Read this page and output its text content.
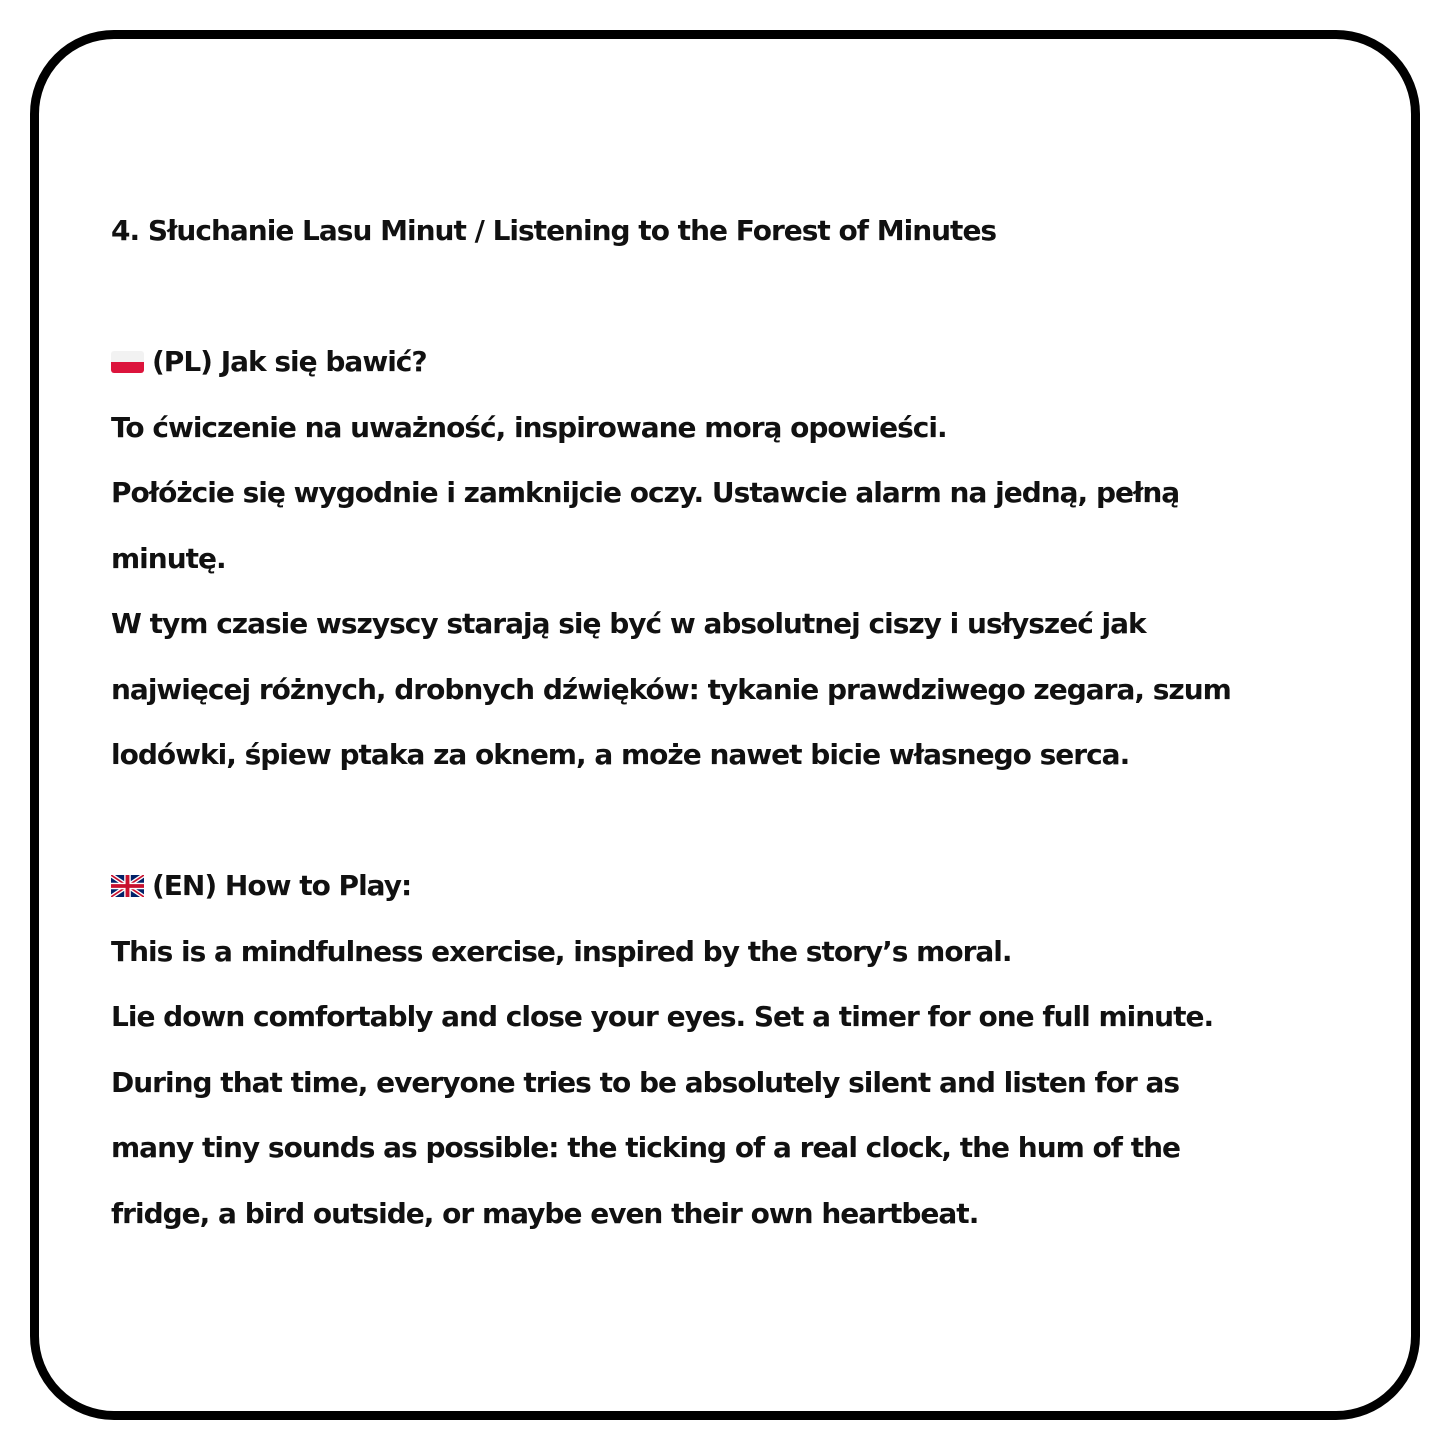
4. Słuchanie Lasu Minut / Listening to the Forest of Minutes
(PL) Jak się bawić?
To ćwiczenie na uważność, inspirowane morą opowieści.
Połóżcie się wygodnie i zamknijcie oczy. Ustawcie alarm na jedną, pełną
minutę.
W tym czasie wszyscy starają się być w absolutnej ciszy i usłyszeć jak
najwięcej różnych, drobnych dźwięków: tykanie prawdziwego zegara, szum
lodówki, śpiew ptaka za oknem, a może nawet bicie własnego serca.
(EN) How to Play:
This is a mindfulness exercise, inspired by the story’s moral.
Lie down comfortably and close your eyes. Set a timer for one full minute.
During that time, everyone tries to be absolutely silent and listen for as
many tiny sounds as possible: the ticking of a real clock, the hum of the
fridge, a bird outside, or maybe even their own heartbeat.
